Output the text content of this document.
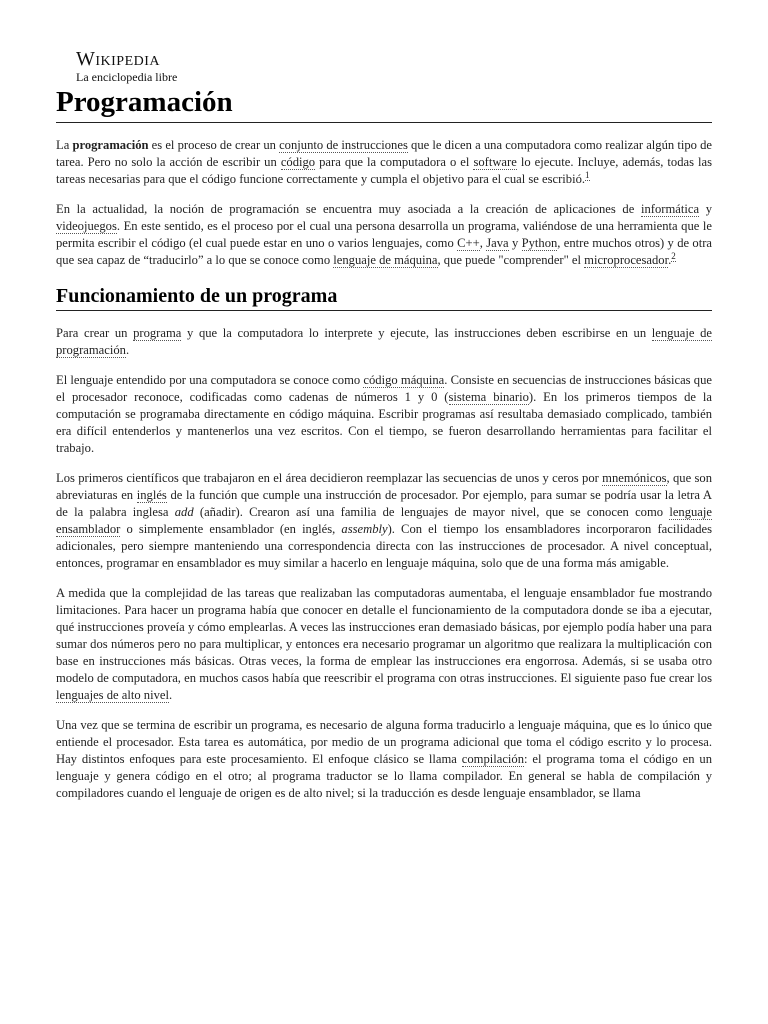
Wikipedia
La enciclopedia libre
Programación

La programación es el proceso de crear un conjunto de instrucciones que le dicen a una computadora como realizar algún tipo de tarea. Pero no solo la acción de escribir un código para que la computadora o el software lo ejecute. Incluye, además, todas las tareas necesarias para que el código funcione correctamente y cumpla el objetivo para el cual se escribió.$^1$

En la actualidad, la noción de programación se encuentra muy asociada a la creación de aplicaciones de informática y videojuegos. En este sentido, es el proceso por el cual una persona desarrolla un programa, valiéndose de una herramienta que le permita escribir el código (el cual puede estar en uno o varios lenguajes, como C++, Java y Python, entre muchos otros) y de otra que sea capaz de “traducirlo” a lo que se conoce como lenguaje de máquina, que puede "comprender" el microprocesador.$^2$

Funcionamiento de un programa

Para crear un programa y que la computadora lo interprete y ejecute, las instrucciones deben escribirse en un lenguaje de programación.

El lenguaje entendido por una computadora se conoce como código máquina. Consiste en secuencias de instrucciones básicas que el procesador reconoce, codificadas como cadenas de números 1 y 0 (sistema binario). En los primeros tiempos de la computación se programaba directamente en código máquina. Escribir programas así resultaba demasiado complicado, también era difícil entenderlos y mantenerlos una vez escritos. Con el tiempo, se fueron desarrollando herramientas para facilitar el trabajo.

Los primeros científicos que trabajaron en el área decidieron reemplazar las secuencias de unos y ceros por mnemónicos, que son abreviaturas en inglés de la función que cumple una instrucción de procesador. Por ejemplo, para sumar se podría usar la letra A de la palabra inglesa add (añadir). Crearon así una familia de lenguajes de mayor nivel, que se conocen como lenguaje ensamblador o simplemente ensamblador (en inglés, assembly). Con el tiempo los ensambladores incorporaron facilidades adicionales, pero siempre manteniendo una correspondencia directa con las instrucciones de procesador. A nivel conceptual, entonces, programar en ensamblador es muy similar a hacerlo en lenguaje máquina, solo que de una forma más amigable.

A medida que la complejidad de las tareas que realizaban las computadoras aumentaba, el lenguaje ensamblador fue mostrando limitaciones. Para hacer un programa había que conocer en detalle el funcionamiento de la computadora donde se iba a ejecutar, qué instrucciones proveía y cómo emplearlas. A veces las instrucciones eran demasiado básicas, por ejemplo podía haber una para sumar dos números pero no para multiplicar, y entonces era necesario programar un algoritmo que realizara la multiplicación con base en instrucciones más básicas. Otras veces, la forma de emplear las instrucciones era engorrosa. Además, si se usaba otro modelo de computadora, en muchos casos había que reescribir el programa con otras instrucciones. El siguiente paso fue crear los lenguajes de alto nivel.

Una vez que se termina de escribir un programa, es necesario de alguna forma traducirlo a lenguaje máquina, que es lo único que entiende el procesador. Esta tarea es automática, por medio de un programa adicional que toma el código escrito y lo procesa. Hay distintos enfoques para este procesamiento. El enfoque clásico se llama compilación: el programa toma el código en un lenguaje y genera código en el otro; al programa traductor se lo llama compilador. En general se habla de compilación y compiladores cuando el lenguaje de origen es de alto nivel; si la traducción es desde lenguaje ensamblador, se llama
